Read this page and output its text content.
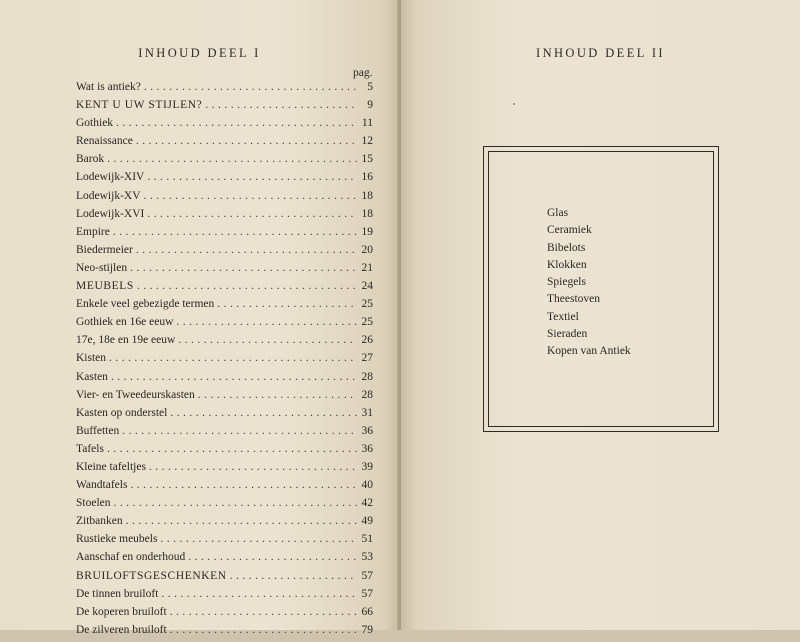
INHOUD DEEL I
pag.
Wat is antiek? . . .	5
KENT U UW STIJLEN? . . .	9
Gothiek . . .	11
Renaissance . . .	12
Barok . . .	15
Lodewijk-XIV . . .	16
Lodewijk-XV . . .	18
Lodewijk-XVI . . .	18
Empire . . .	19
Biedermeier . . .	20
Neo-stijlen . . .	21
MEUBELS . . .	24
Enkele veel gebezigde termen . . .	25
Gothiek en 16e eeuw . . .	25
17e, 18e en 19e eeuw . . .	26
Kisten . . .	27
Kasten . . .	28
Vier- en Tweedeurskasten . . .	28
Kasten op onderstel . . .	31
Buffetten . . .	36
Tafels . . .	36
Kleine tafeltjes . . .	39
Wandtafels . . .	40
Stoelen . . .	42
Zitbanken . . .	49
Rustieke meubels . . .	51
Aanschaf en onderhoud . . .	53
BRUILOFTSGESCHENKEN . . .	57
De tinnen bruiloft . . .	57
De koperen bruiloft . . .	66
De zilveren bruiloft . . .	79
INHOUD DEEL II
Glas
Ceramiek
Bibelots
Klokken
Spiegels
Theestoven
Textiel
Sieraden
Kopen van Antiek
